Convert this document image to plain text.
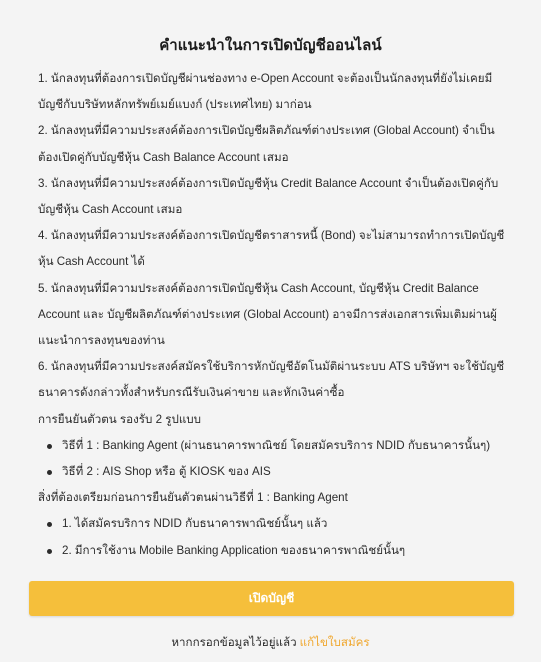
คำแนะนำในการเปิดบัญชีออนไลน์

1. นักลงทุนที่ต้องการเปิดบัญชีผ่านช่องทาง e-Open Account จะต้องเป็นนักลงทุนที่ยังไม่เคยมีบัญชีกับบริษัทหลักทรัพย์เมย์แบงก์ (ประเทศไทย) มาก่อน

2. นักลงทุนที่มีความประสงค์ต้องการเปิดบัญชีผลิตภัณฑ์ต่างประเทศ (Global Account) จำเป็นต้องเปิดคู่กับบัญชีหุ้น Cash Balance Account เสมอ

3. นักลงทุนที่มีความประสงค์ต้องการเปิดบัญชีหุ้น Credit Balance Account จำเป็นต้องเปิดคู่กับบัญชีหุ้น Cash Account เสมอ

4. นักลงทุนที่มีความประสงค์ต้องการเปิดบัญชีตราสารหนี้ (Bond) จะไม่สามารถทำการเปิดบัญชีหุ้น Cash Account ได้

5. นักลงทุนที่มีความประสงค์ต้องการเปิดบัญชีหุ้น Cash Account, บัญชีหุ้น Credit Balance Account และ บัญชีผลิตภัณฑ์ต่างประเทศ (Global Account) อาจมีการส่งเอกสารเพิ่มเติมผ่านผู้แนะนำการลงทุนของท่าน

6. นักลงทุนที่มีความประสงค์สมัครใช้บริการหักบัญชีอัตโนมัติผ่านระบบ ATS บริษัทฯ จะใช้บัญชีธนาคารดังกล่าวทั้งสำหรับกรณีรับเงินค่าขาย และหักเงินค่าซื้อ

การยืนยันตัวตน รองรับ 2 รูปแบบ

วิธีที่ 1 : Banking Agent (ผ่านธนาคารพาณิชย์ โดยสมัครบริการ NDID กับธนาคารนั้นๆ)
วิธีที่ 2 : AIS Shop หรือ ตู้ KIOSK ของ AIS

สิ่งที่ต้องเตรียมก่อนการยืนยันตัวตนผ่านวิธีที่ 1 : Banking Agent

1. ได้สมัครบริการ NDID กับธนาคารพาณิชย์นั้นๆ แล้ว
2. มีการใช้งาน Mobile Banking Application ของธนาคารพาณิชย์นั้นๆ
เปิดบัญชี
หากกรอกข้อมูลไว้อยู่แล้ว แก้ไขใบสมัคร
